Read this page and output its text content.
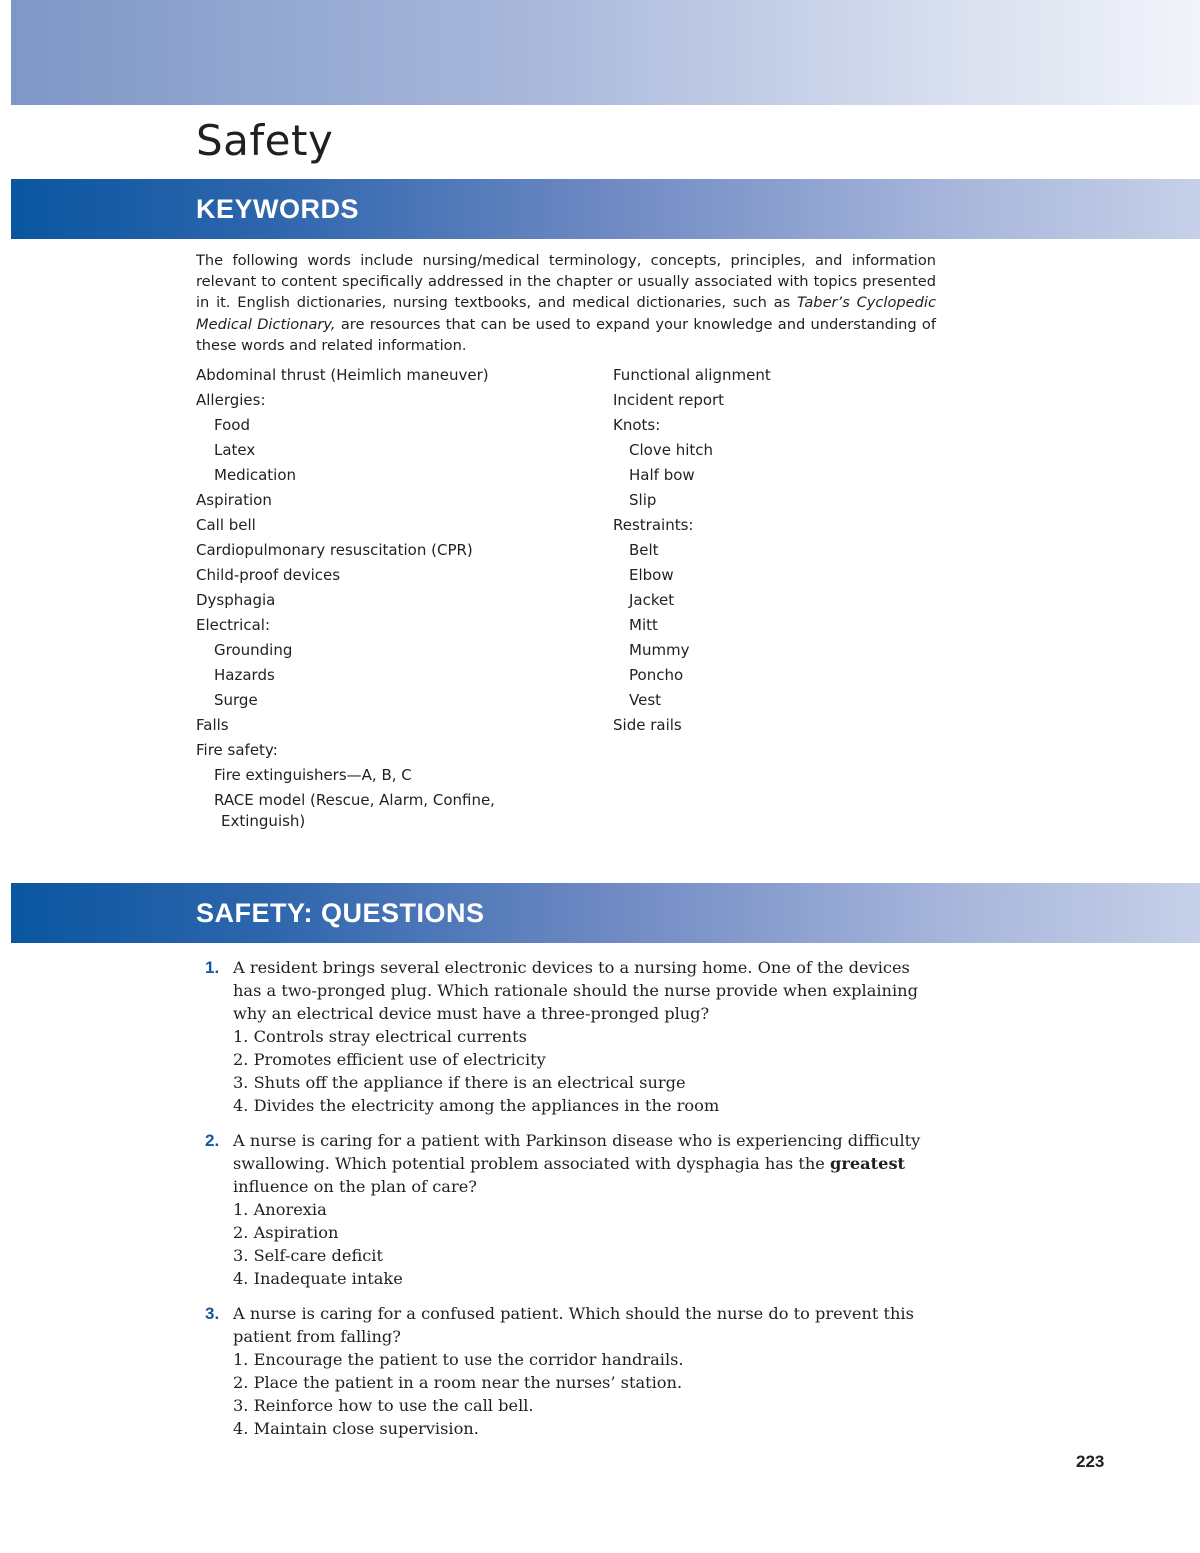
Safety
KEYWORDS

The following words include nursing/medical terminology, concepts, principles, and information relevant to content specifically addressed in the chapter or usually associated with topics presented in it. English dictionaries, nursing textbooks, and medical dictionaries, such as Taber’s Cyclopedic Medical Dictionary, are resources that can be used to expand your knowledge and understanding of these words and related information.

Abdominal thrust (Heimlich maneuver)
Allergies:
Food
Latex
Medication
Aspiration
Call bell
Cardiopulmonary resuscitation (CPR)
Child-proof devices
Dysphagia
Electrical:
Grounding
Hazards
Surge
Falls
Fire safety:
Fire extinguishers—A, B, C
RACE model (Rescue, Alarm, Confine,
Extinguish)
Functional alignment
Incident report
Knots:
Clove hitch
Half bow
Slip
Restraints:
Belt
Elbow
Jacket
Mitt
Mummy
Poncho
Vest
Side rails
SAFETY: QUESTIONS
1. A resident brings several electronic devices to a nursing home. One of the devices has a two-pronged plug. Which rationale should the nurse provide when explaining why an electrical device must have a three-pronged plug?
1. Controls stray electrical currents
2. Promotes efficient use of electricity
3. Shuts off the appliance if there is an electrical surge
4. Divides the electricity among the appliances in the room
2. A nurse is caring for a patient with Parkinson disease who is experiencing difficulty swallowing. Which potential problem associated with dysphagia has the greatest influence on the plan of care?
1. Anorexia
2. Aspiration
3. Self-care deficit
4. Inadequate intake
3. A nurse is caring for a confused patient. Which should the nurse do to prevent this patient from falling?
1. Encourage the patient to use the corridor handrails.
2. Place the patient in a room near the nurses’ station.
3. Reinforce how to use the call bell.
4. Maintain close supervision.
223
